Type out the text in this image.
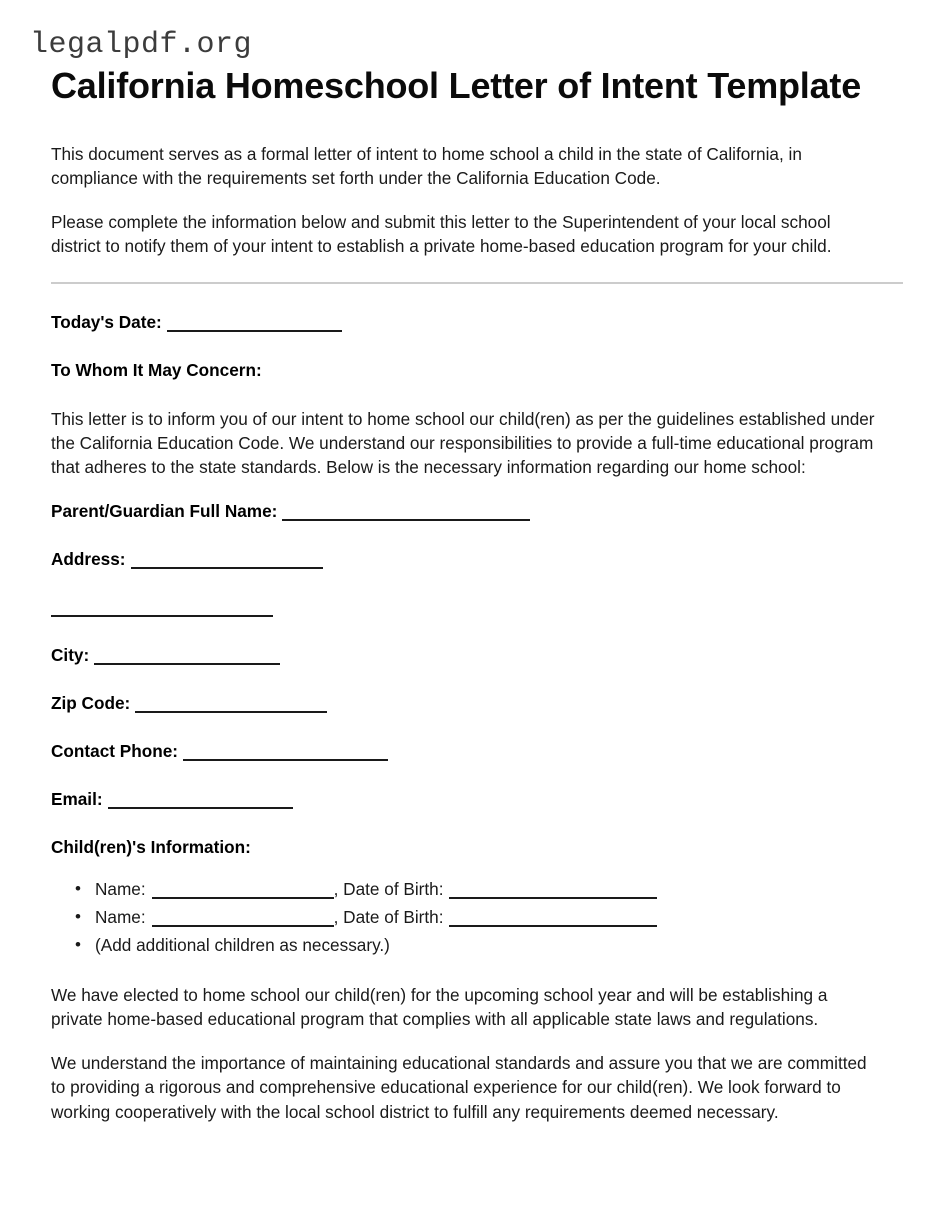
legalpdf.org
California Homeschool Letter of Intent Template

This document serves as a formal letter of intent to home school a child in the state of California, in compliance with the requirements set forth under the California Education Code.

Please complete the information below and submit this letter to the Superintendent of your local school district to notify them of your intent to establish a private home-based education program for your child.

Today's Date:
To Whom It May Concern:

This letter is to inform you of our intent to home school our child(ren) as per the guidelines established under the California Education Code. We understand our responsibilities to provide a full-time educational program that adheres to the state standards. Below is the necessary information regarding our home school:

Parent/Guardian Full Name:
Address:
City:
Zip Code:
Contact Phone:
Email:
Child(ren)'s Information:
• Name:	, Date of Birth:
• Name:	, Date of Birth:
• (Add additional children as necessary.)

We have elected to home school our child(ren) for the upcoming school year and will be establishing a private home-based educational program that complies with all applicable state laws and regulations.

We understand the importance of maintaining educational standards and assure you that we are committed to providing a rigorous and comprehensive educational experience for our child(ren). We look forward to working cooperatively with the local school district to fulfill any requirements deemed necessary.
